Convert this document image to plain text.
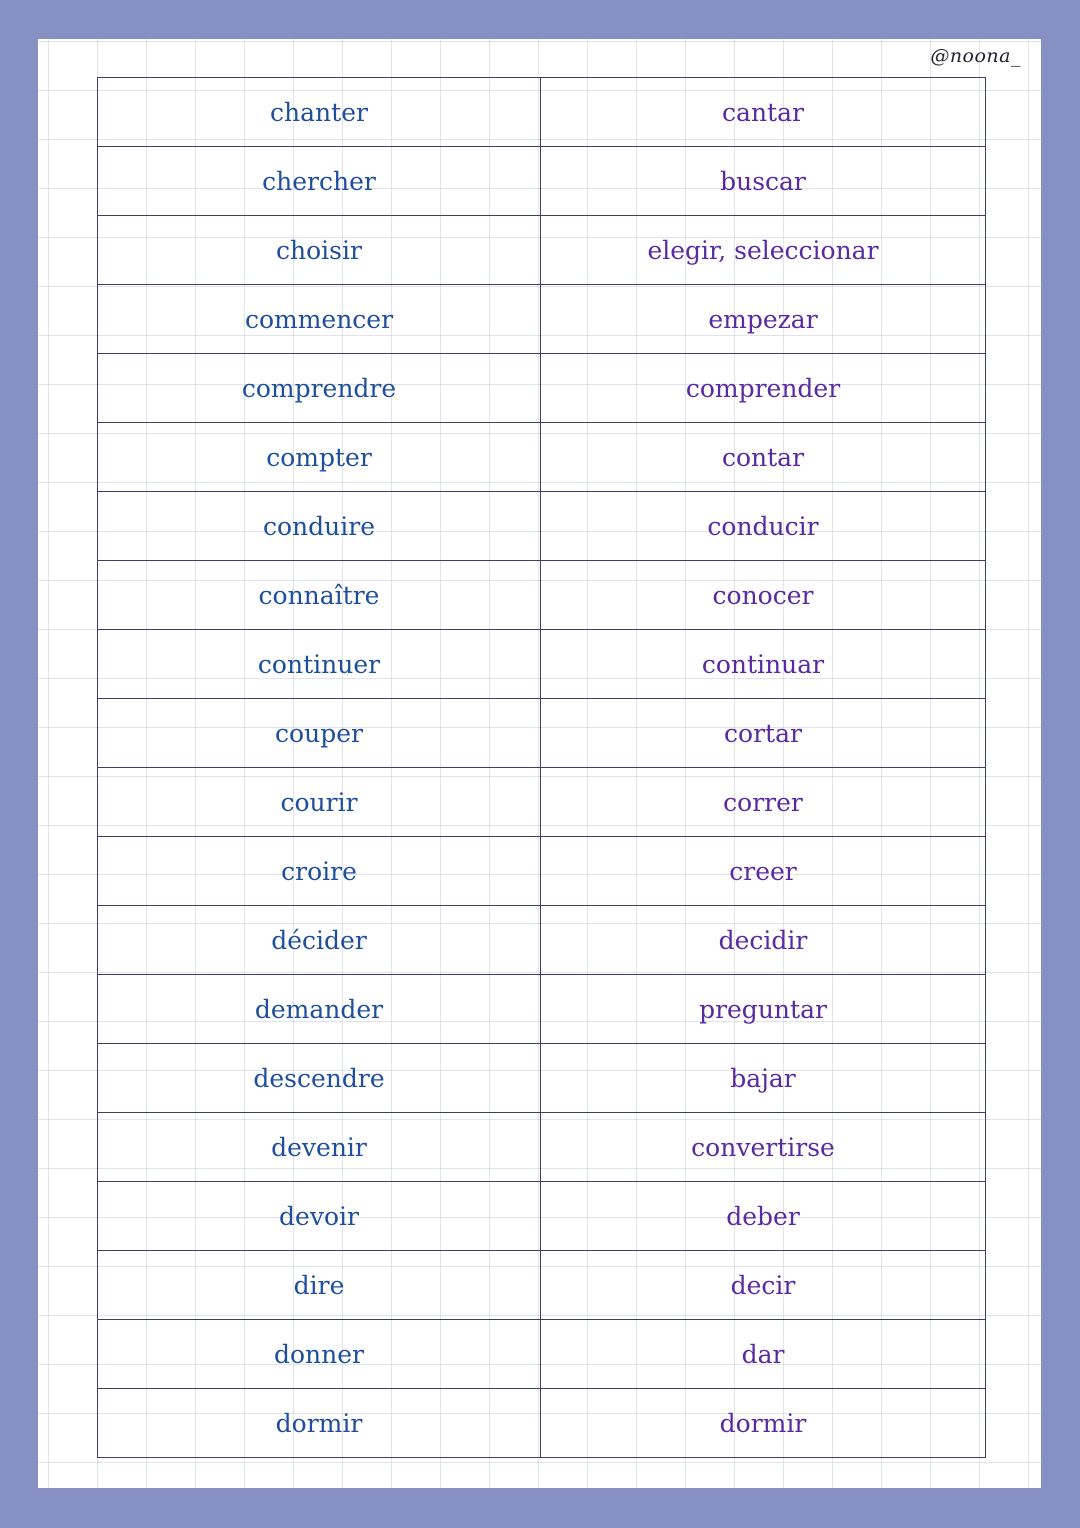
@noona_
chanter	cantar
chercher	buscar
choisir	elegir, seleccionar
commencer	empezar
comprendre	comprender
compter	contar
conduire	conducir
connaître	conocer
continuer	continuar
couper	cortar
courir	correr
croire	creer
décider	decidir
demander	preguntar
descendre	bajar
devenir	convertirse
devoir	deber
dire	decir
donner	dar
dormir	dormir
